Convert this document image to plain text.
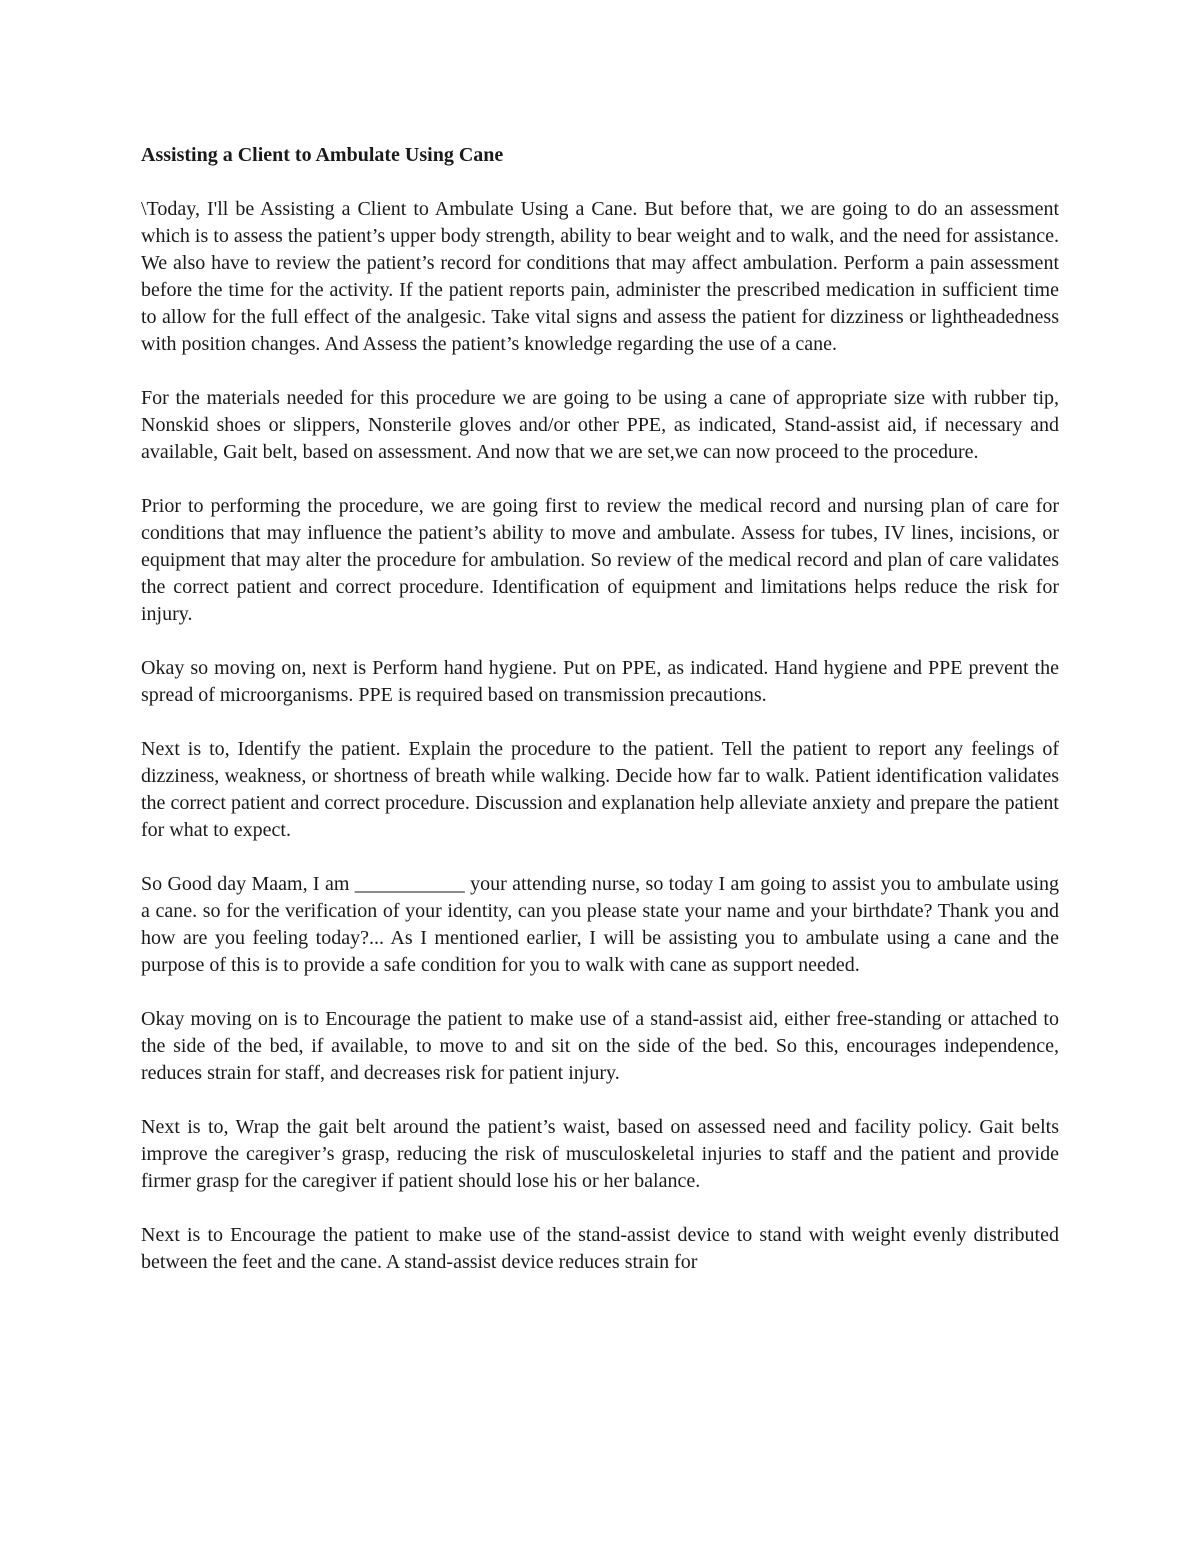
Assisting a Client to Ambulate Using Cane

\Today, I'll be Assisting a Client to Ambulate Using a Cane. But before that, we are going to do an assessment which is to assess the patient’s upper body strength, ability to bear weight and to walk, and the need for assistance. We also have to review the patient’s record for conditions that may affect ambulation. Perform a pain assessment before the time for the activity. If the patient reports pain, administer the prescribed medication in sufficient time to allow for the full effect of the analgesic. Take vital signs and assess the patient for dizziness or lightheadedness with position changes. And Assess the patient’s knowledge regarding the use of a cane.

For the materials needed for this procedure we are going to be using a cane of appropriate size with rubber tip, Nonskid shoes or slippers, Nonsterile gloves and/or other PPE, as indicated, Stand-assist aid, if necessary and available, Gait belt, based on assessment. And now that we are set,we can now proceed to the procedure.

Prior to performing the procedure, we are going first to review the medical record and nursing plan of care for conditions that may influence the patient’s ability to move and ambulate. Assess for tubes, IV lines, incisions, or equipment that may alter the procedure for ambulation. So review of the medical record and plan of care validates the correct patient and correct procedure. Identification of equipment and limitations helps reduce the risk for injury.

Okay so moving on, next is Perform hand hygiene. Put on PPE, as indicated. Hand hygiene and PPE prevent the spread of microorganisms. PPE is required based on transmission precautions.

Next is to, Identify the patient. Explain the procedure to the patient. Tell the patient to report any feelings of dizziness, weakness, or shortness of breath while walking. Decide how far to walk. Patient identification validates the correct patient and correct procedure. Discussion and explanation help alleviate anxiety and prepare the patient for what to expect.

So Good day Maam, I am ___________ your attending nurse, so today I am going to assist you to ambulate using a cane. so for the verification of your identity, can you please state your name and your birthdate? Thank you and how are you feeling today?... As I mentioned earlier, I will be assisting you to ambulate using a cane and the purpose of this is to provide a safe condition for you to walk with cane as support needed.

Okay moving on is to Encourage the patient to make use of a stand-assist aid, either free-standing or attached to the side of the bed, if available, to move to and sit on the side of the bed. So this, encourages independence, reduces strain for staff, and decreases risk for patient injury.

Next is to, Wrap the gait belt around the patient’s waist, based on assessed need and facility policy. Gait belts improve the caregiver’s grasp, reducing the risk of musculoskeletal injuries to staff and the patient and provide firmer grasp for the caregiver if patient should lose his or her balance.

Next is to Encourage the patient to make use of the stand-assist device to stand with weight evenly distributed between the feet and the cane. A stand-assist device reduces strain for
